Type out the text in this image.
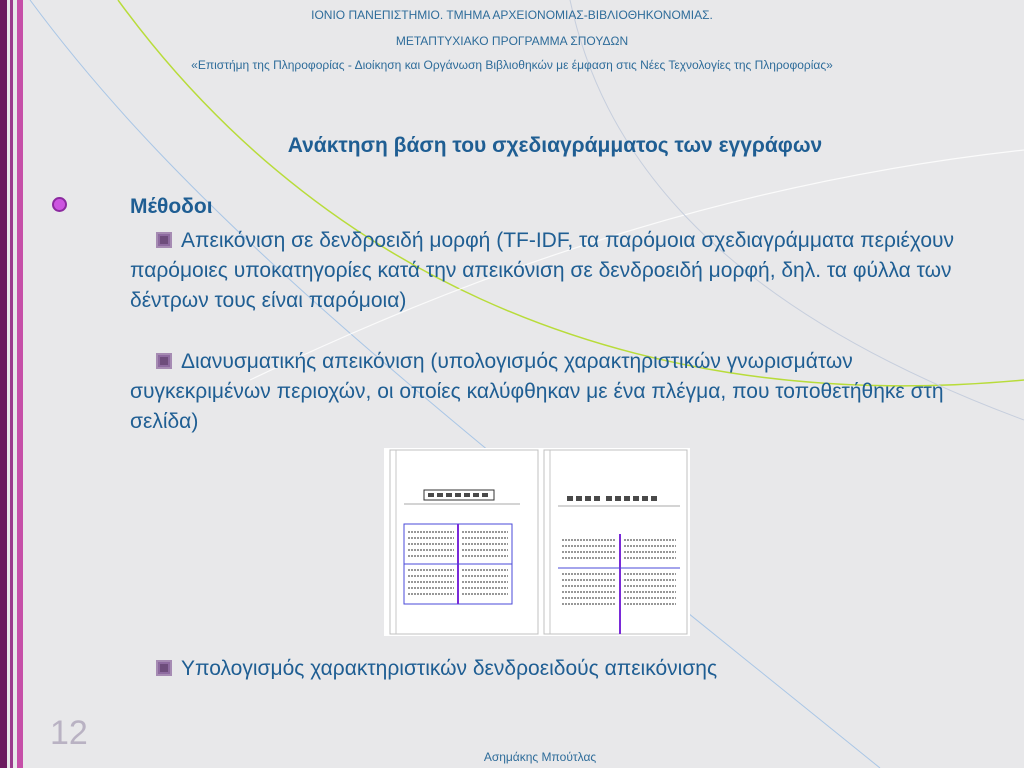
ΙΟΝΙΟ ΠΑΝΕΠΙΣΤΗΜΙΟ. ΤΜΗΜΑ ΑΡΧΕΙΟΝΟΜΙΑΣ-ΒΙΒΛΙΟΘΗΚΟΝΟΜΙΑΣ.
ΜΕΤΑΠΤΥΧΙΑΚΟ ΠΡΟΓΡΑΜΜΑ ΣΠΟΥΔΩΝ
«Επιστήμη της Πληροφορίας - Διοίκηση και Οργάνωση Βιβλιοθηκών με έμφαση στις Νέες Τεχνολογίες της Πληροφορίας»
Ανάκτηση βάση του σχεδιαγράμματος των εγγράφων
Μέθοδοι

Απεικόνιση σε δενδροειδή μορφή (TF-IDF, τα παρόμοια σχεδιαγράμματα περιέχουν παρόμοιες υποκατηγορίες κατά την απεικόνιση σε δενδροειδή μορφή, δηλ. τα φύλλα των δέντρων τους είναι παρόμοια)

Διανυσματικής απεικόνιση (υπολογισμός χαρακτηριστικών γνωρισμάτων συγκεκριμένων περιοχών, οι οποίες καλύφθηκαν με ένα πλέγμα, που τοποθετήθηκε στη σελίδα)

Υπολογισμός χαρακτηριστικών δενδροειδούς απεικόνισης

12
Ασημάκης Μπούτλας
